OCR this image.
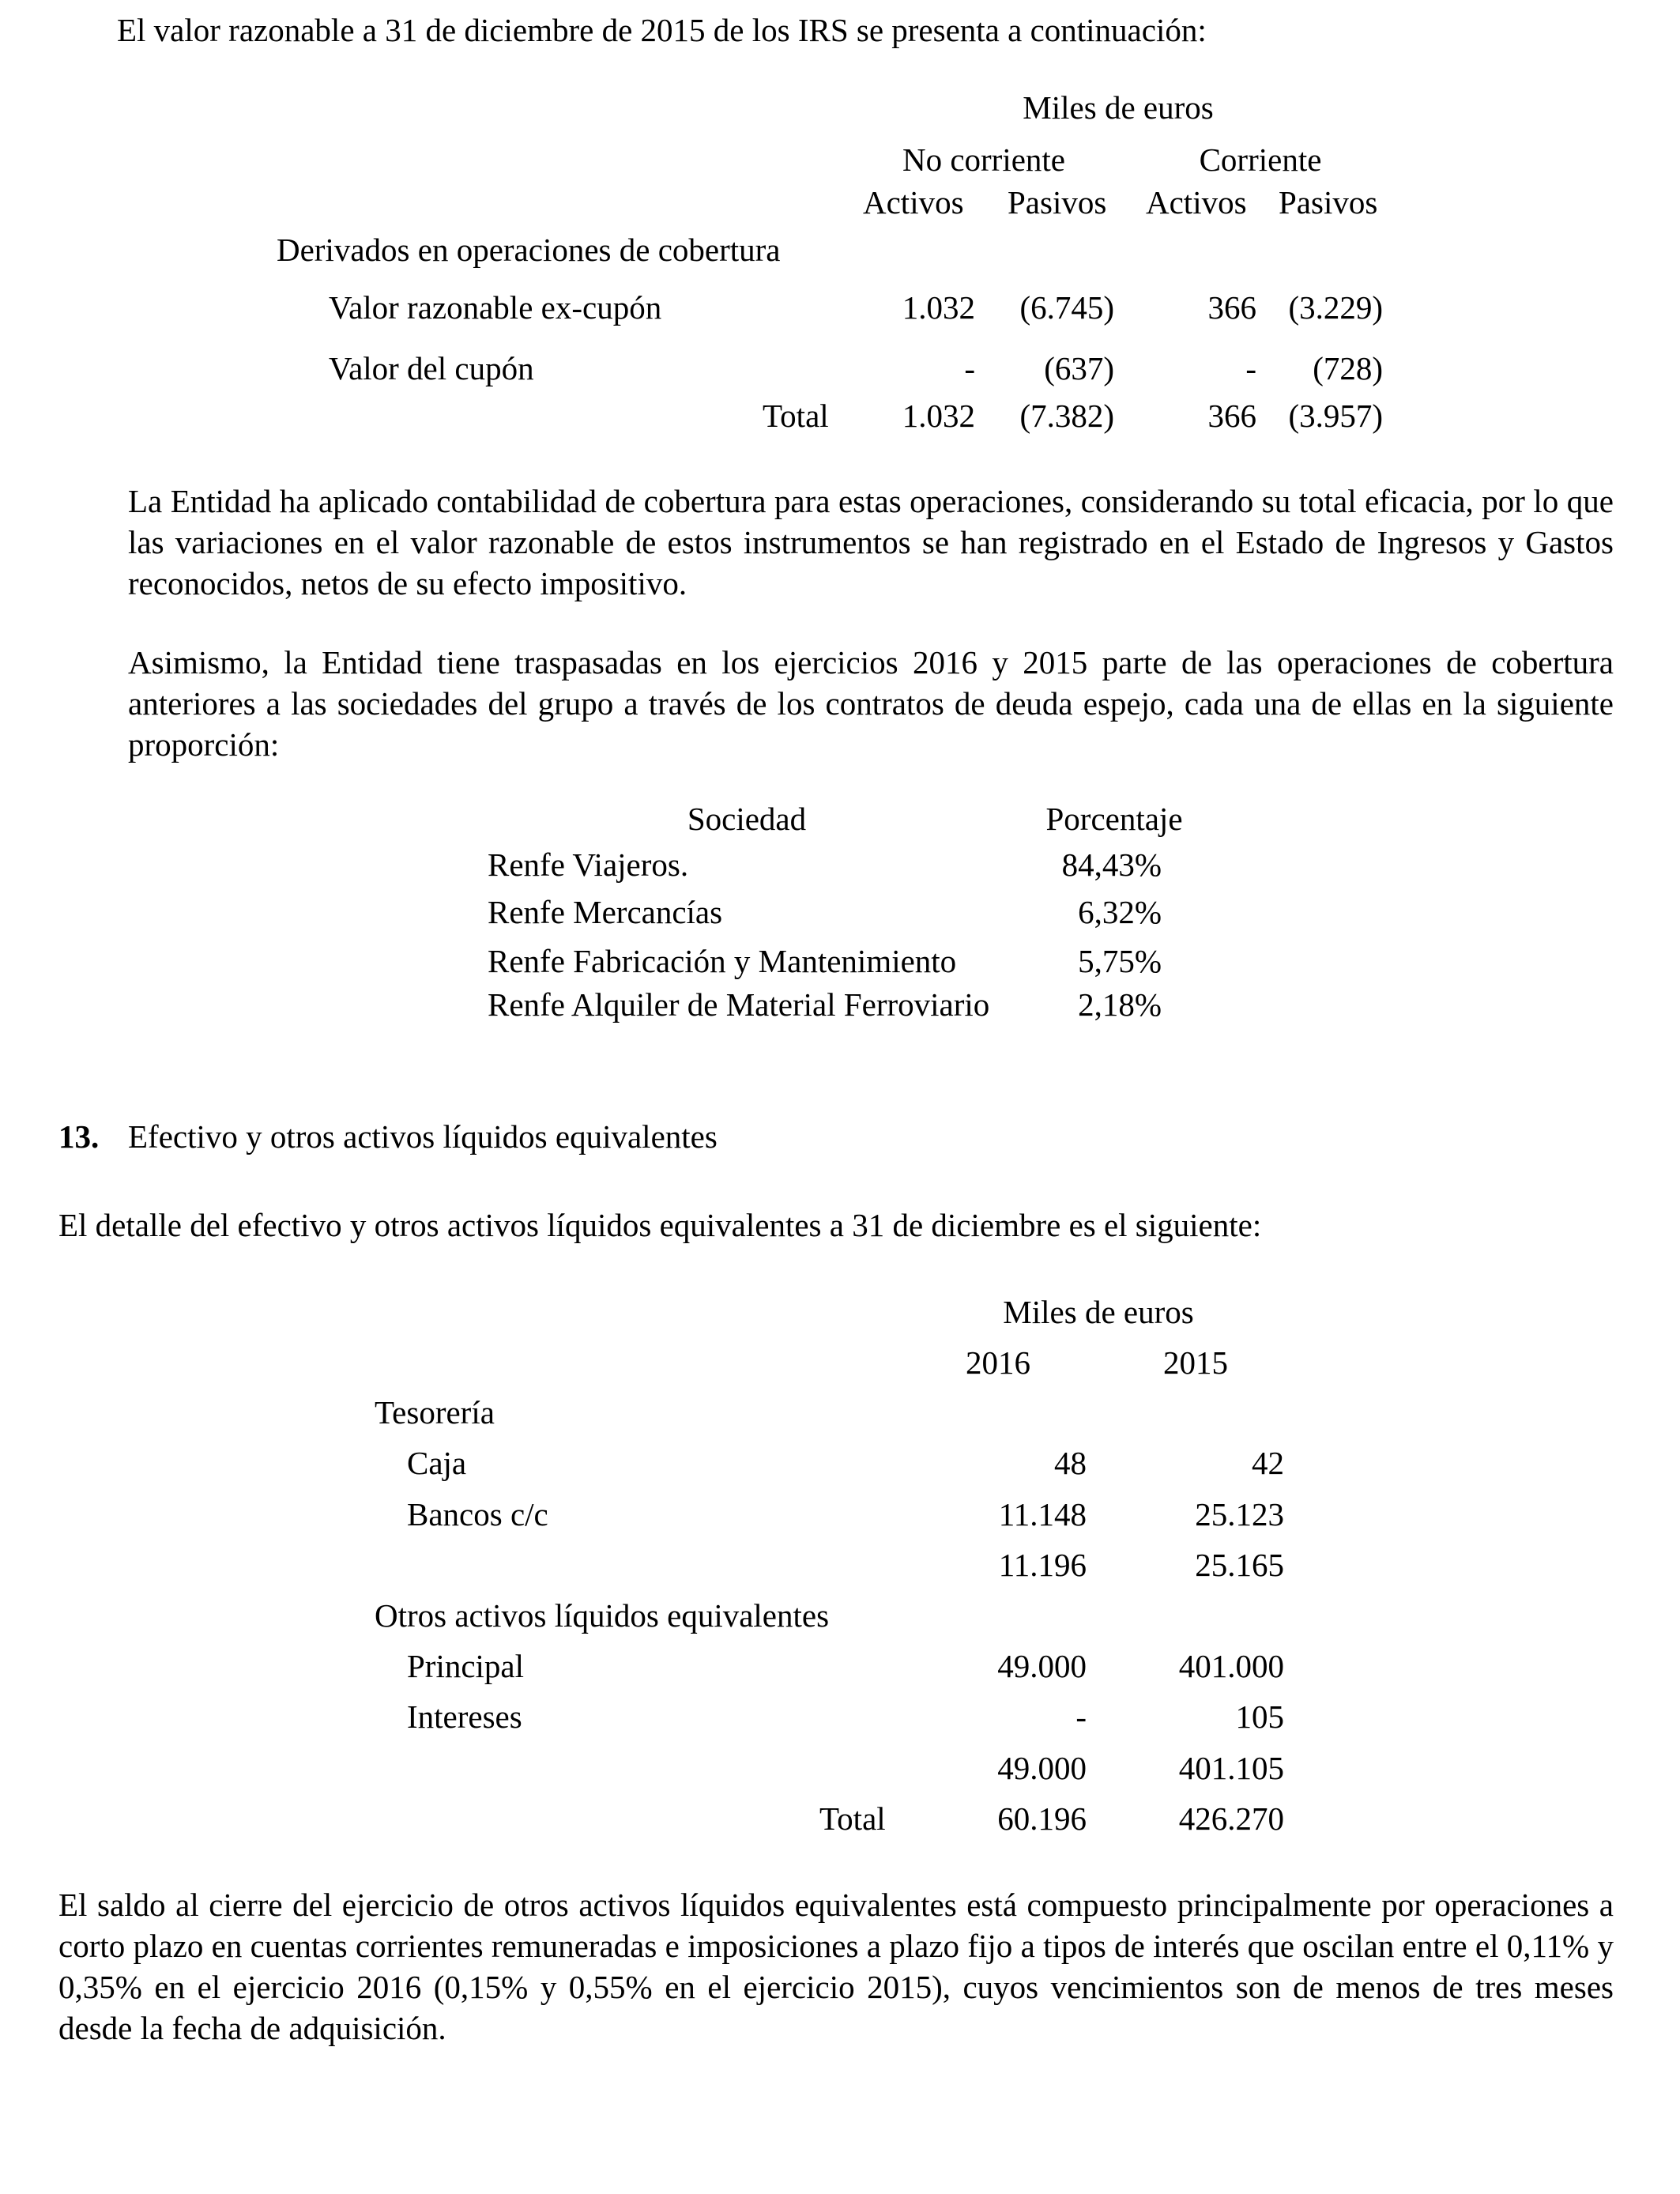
El valor razonable a 31 de diciembre de 2015 de los IRS se presenta a continuación:
Miles de euros
No corriente	Corriente
Activos Pasivos Activos Pasivos
Derivados en operaciones de cobertura
Valor razonable ex-cupón	1.032	(6.745)	366 (3.229)
Valor del cupón	-	(637)	-	(728)
Total	1.032	(7.382)	366 (3.957)
La Entidad ha aplicado contabilidad de cobertura para estas operaciones, considerando su total eficacia, por lo que las variaciones en el valor razonable de estos instrumentos se han registrado en el Estado de Ingresos y Gastos reconocidos, netos de su efecto impositivo.
Asimismo, la Entidad tiene traspasadas en los ejercicios 2016 y 2015 parte de las operaciones de cobertura anteriores a las sociedades del grupo a través de los contratos de deuda espejo, cada una de ellas en la siguiente proporción:
Sociedad	Porcentaje
Renfe Viajeros.	84,43%
Renfe Mercancías	6,32%
Renfe Fabricación y Mantenimiento	5,75%
Renfe Alquiler de Material Ferroviario	2,18%
13. Efectivo y otros activos líquidos equivalentes
El detalle del efectivo y otros activos líquidos equivalentes a 31 de diciembre es el siguiente:
Miles de euros
2016	2015
Tesorería
Caja	48	42
Bancos c/c	11.148	25.123
11.196	25.165
Otros activos líquidos equivalentes
Principal	49.000	401.000
Intereses	-	105
49.000	401.105
Total	60.196	426.270
El saldo al cierre del ejercicio de otros activos líquidos equivalentes está compuesto principalmente por operaciones a corto plazo en cuentas corrientes remuneradas e imposiciones a plazo fijo a tipos de interés que oscilan entre el 0,11% y 0,35% en el ejercicio 2016 (0,15% y 0,55% en el ejercicio 2015), cuyos vencimientos son de menos de tres meses desde la fecha de adquisición.
